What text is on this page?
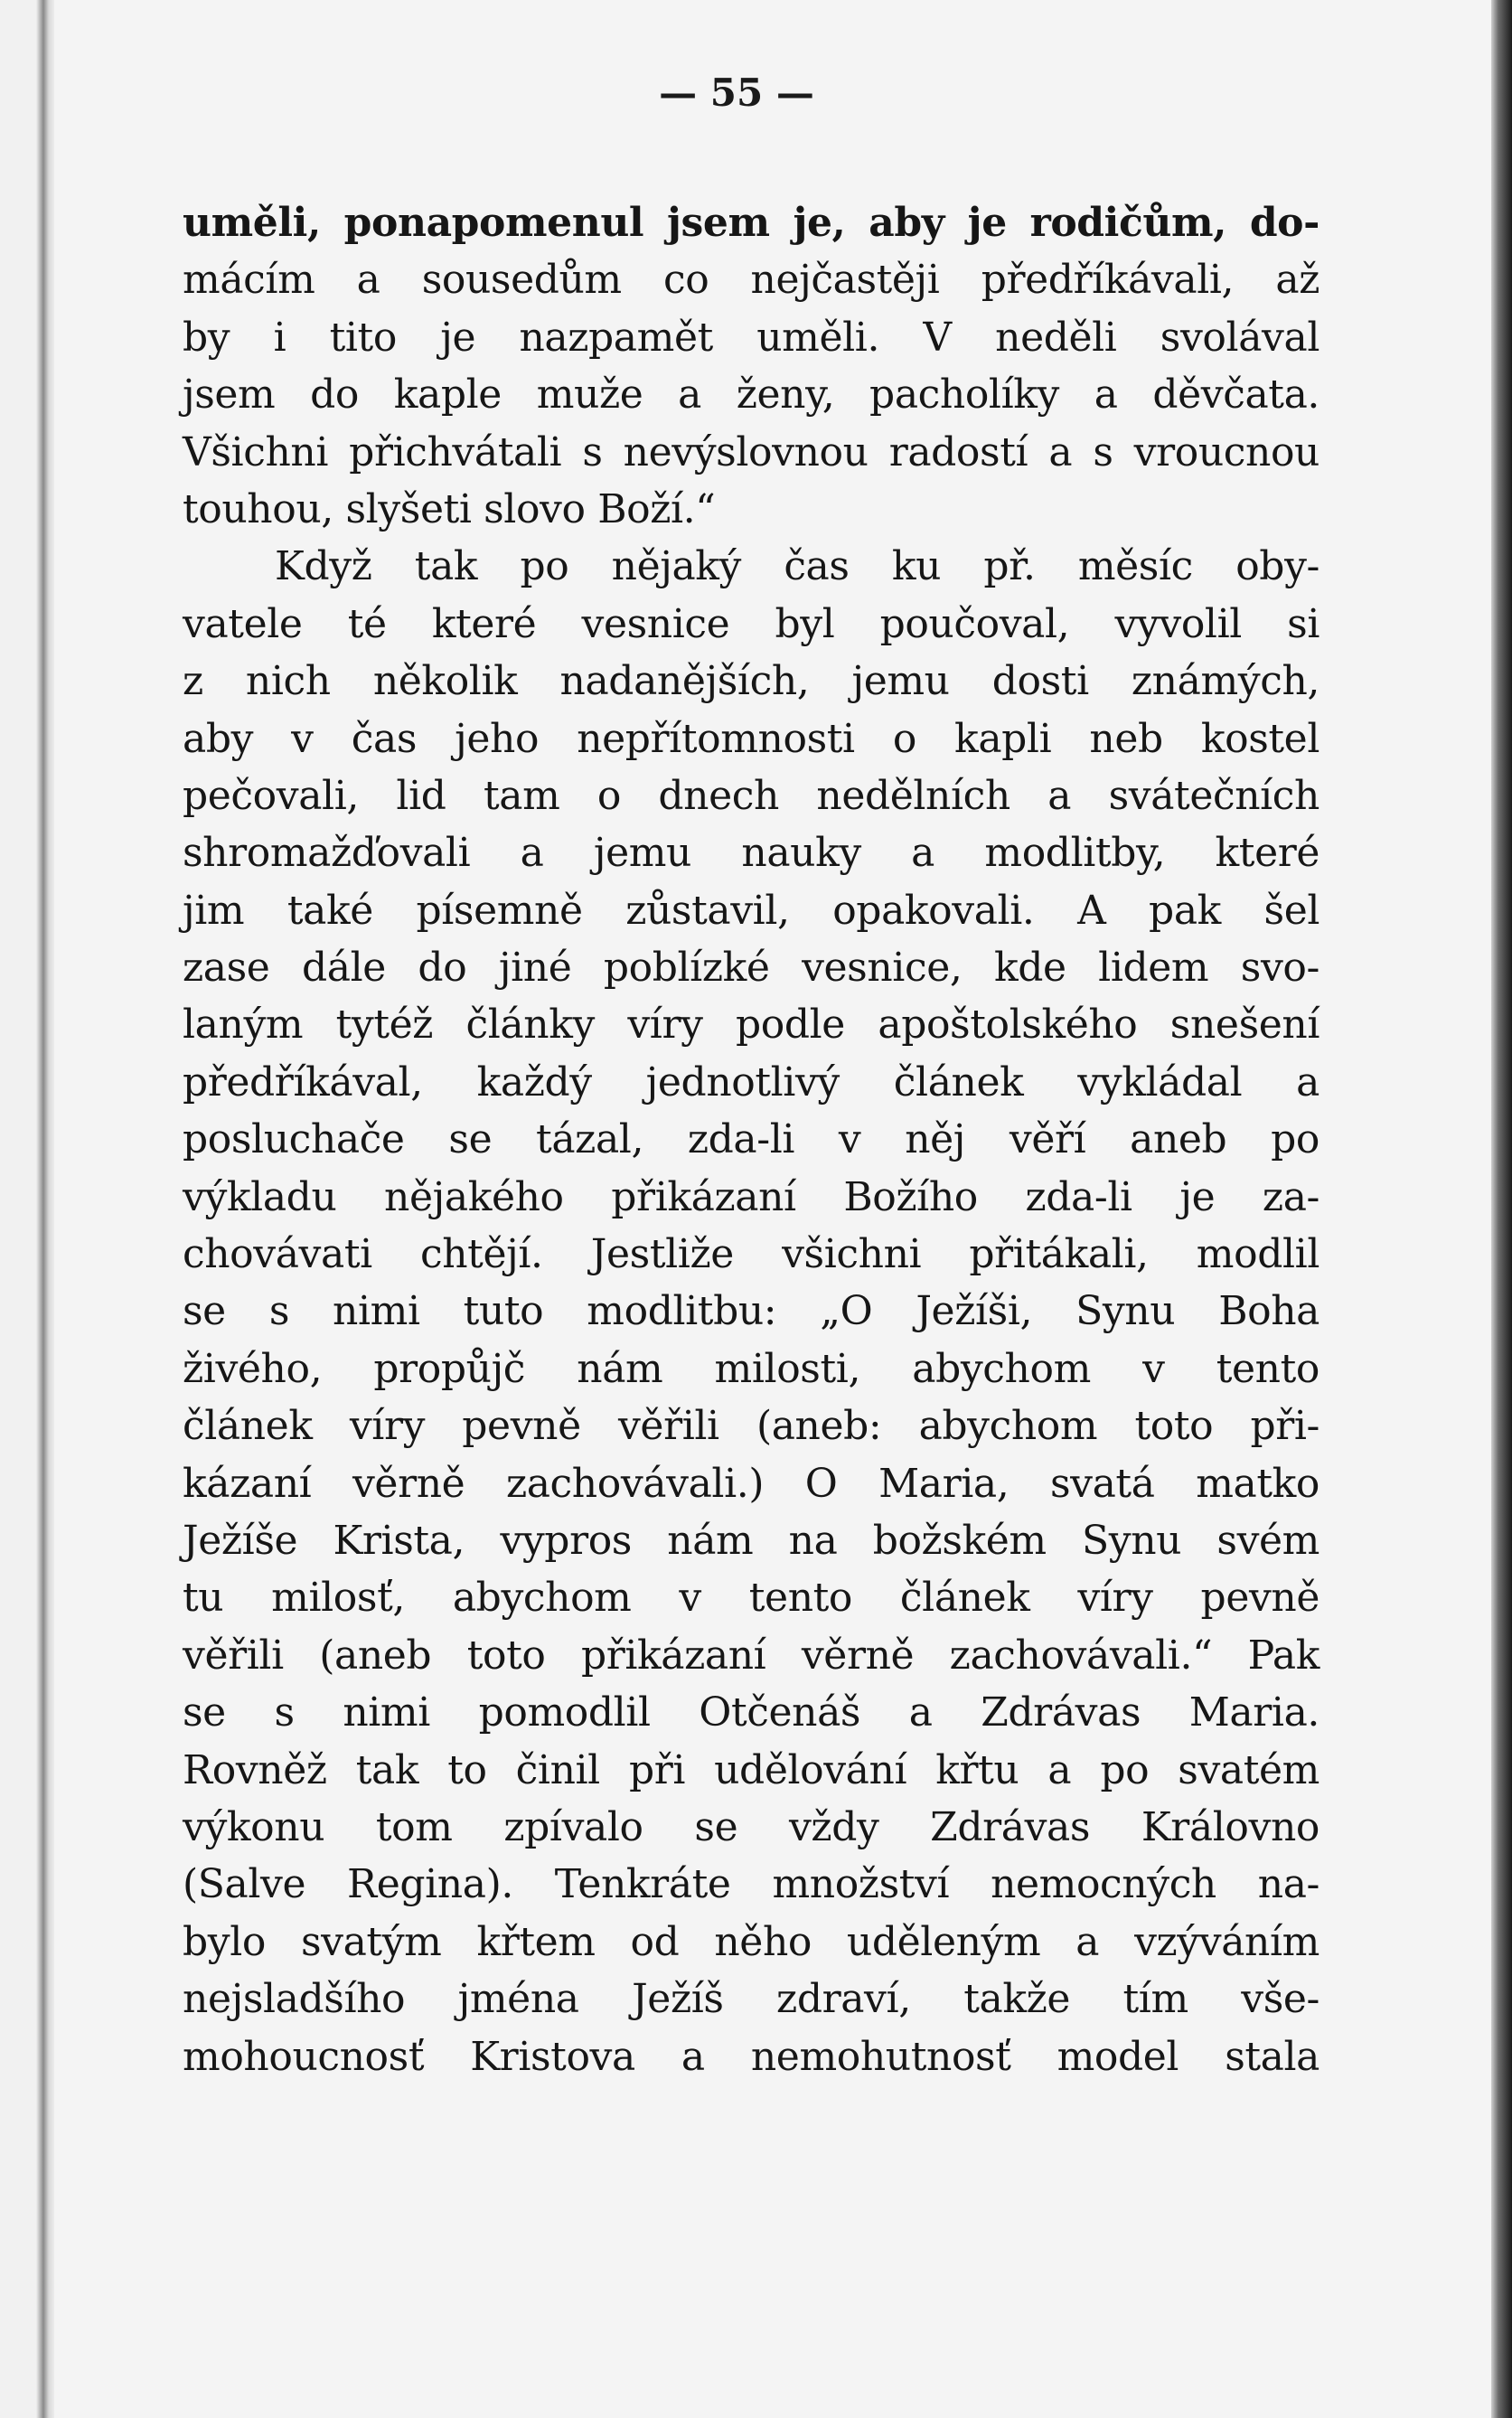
— 55 —
uměli, ponapomenul jsem je, aby je rodičům, do-
mácím a sousedům co nejčastěji předříkávali, až
by i tito je nazpamět uměli. V neděli svolával
jsem do kaple muže a ženy, pacholíky a děvčata.
Všichni přichvátali s nevýslovnou radostí a s vroucnou
touhou, slyšeti slovo Boží.“
Když tak po nějaký čas ku př. měsíc oby-
vatele té které vesnice byl poučoval, vyvolil si
z nich několik nadanějších, jemu dosti známých,
aby v čas jeho nepřítomnosti o kapli neb kostel
pečovali, lid tam o dnech nedělních a svátečních
shromažďovali a jemu nauky a modlitby, které
jim také písemně zůstavil, opakovali. A pak šel
zase dále do jiné poblízké vesnice, kde lidem svo-
laným tytéž články víry podle apoštolského snešení
předříkával, každý jednotlivý článek vykládal a
posluchače se tázal, zda-li v něj věří aneb po
výkladu nějakého přikázaní Božího zda-li je za-
chovávati chtějí. Jestliže všichni přitákali, modlil
se s nimi tuto modlitbu: „O Ježíši, Synu Boha
živého, propůjč nám milosti, abychom v tento
článek víry pevně věřili (aneb: abychom toto při-
kázaní věrně zachovávali.) O Maria, svatá matko
Ježíše Krista, vypros nám na božském Synu svém
tu milosť, abychom v tento článek víry pevně
věřili (aneb toto přikázaní věrně zachovávali.“ Pak
se s nimi pomodlil Otčenáš a Zdrávas Maria.
Rovněž tak to činil při udělování křtu a po svatém
výkonu tom zpívalo se vždy Zdrávas Královno
(Salve Regina). Tenkráte množství nemocných na-
bylo svatým křtem od něho uděleným a vzýváním
nejsladšího jména Ježíš zdraví, takže tím vše-
mohoucnosť Kristova a nemohutnosť model stala
